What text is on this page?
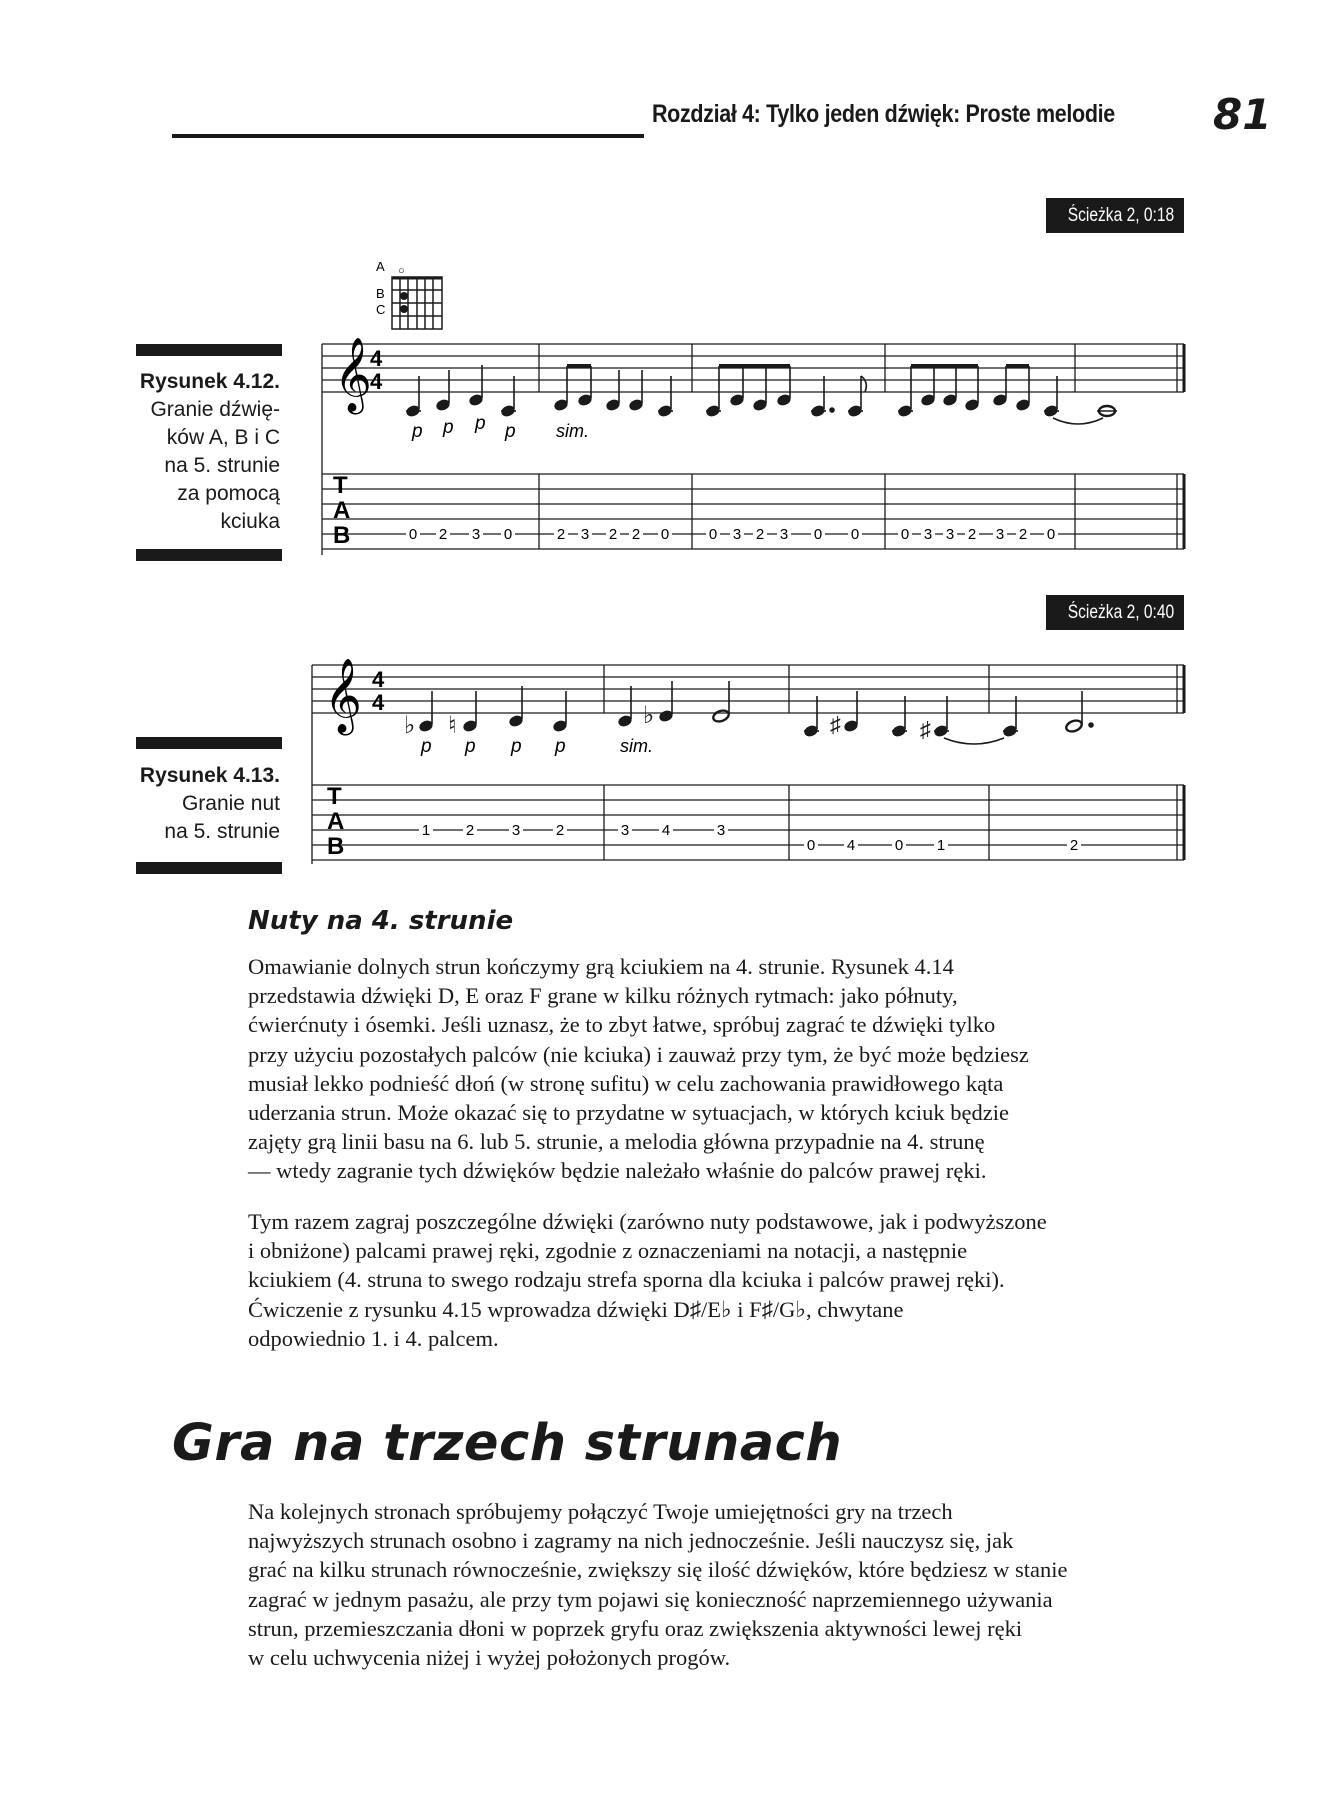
Rozdział 4: Tylko jeden dźwięk: Proste melodie 81
Ścieżka 2, 0:18
Ścieżka 2, 0:40
Rysunek 4.12.
Granie dźwię-
ków A, B i C
na 5. strunie
za pomocą
kciuka
Rysunek 4.13.
Granie nut
na 5. strunie
A
B
C
○
𝄞
4
4
p p p p sim.
T
A
B	0 2 3 0	2 3 2 2 0	0 3 2 3 0 0	0 3 3 2 3 2 0
𝄞 4
4
♭ ♮	♭	♯	♯
p p p p	sim.
T
A
B
1 2	3 2	3 4	3
0 4	0 1	2
Nuty na 4. strunie
Omawianie dolnych strun kończymy grą kciukiem na 4. strunie. Rysunek 4.14
przedstawia dźwięki D, E oraz F grane w kilku różnych rytmach: jako półnuty,
ćwierćnuty i ósemki. Jeśli uznasz, że to zbyt łatwe, spróbuj zagrać te dźwięki tylko
przy użyciu pozostałych palców (nie kciuka) i zauważ przy tym, że być może będziesz
musiał lekko podnieść dłoń (w stronę sufitu) w celu zachowania prawidłowego kąta
uderzania strun. Może okazać się to przydatne w sytuacjach, w których kciuk będzie
zajęty grą linii basu na 6. lub 5. strunie, a melodia główna przypadnie na 4. strunę
— wtedy zagranie tych dźwięków będzie należało właśnie do palców prawej ręki.
Tym razem zagraj poszczególne dźwięki (zarówno nuty podstawowe, jak i podwyższone
i obniżone) palcami prawej ręki, zgodnie z oznaczeniami na notacji, a następnie
kciukiem (4. struna to swego rodzaju strefa sporna dla kciuka i palców prawej ręki).
Ćwiczenie z rysunku 4.15 wprowadza dźwięki D♯/E♭ i F♯/G♭, chwytane
odpowiednio 1. i 4. palcem.
Gra na trzech strunach
Na kolejnych stronach spróbujemy połączyć Twoje umiejętności gry na trzech
najwyższych strunach osobno i zagramy na nich jednocześnie. Jeśli nauczysz się, jak
grać na kilku strunach równocześnie, zwiększy się ilość dźwięków, które będziesz w stanie
zagrać w jednym pasażu, ale przy tym pojawi się konieczność naprzemiennego używania
strun, przemieszczania dłoni w poprzek gryfu oraz zwiększenia aktywności lewej ręki
w celu uchwycenia niżej i wyżej położonych progów.
